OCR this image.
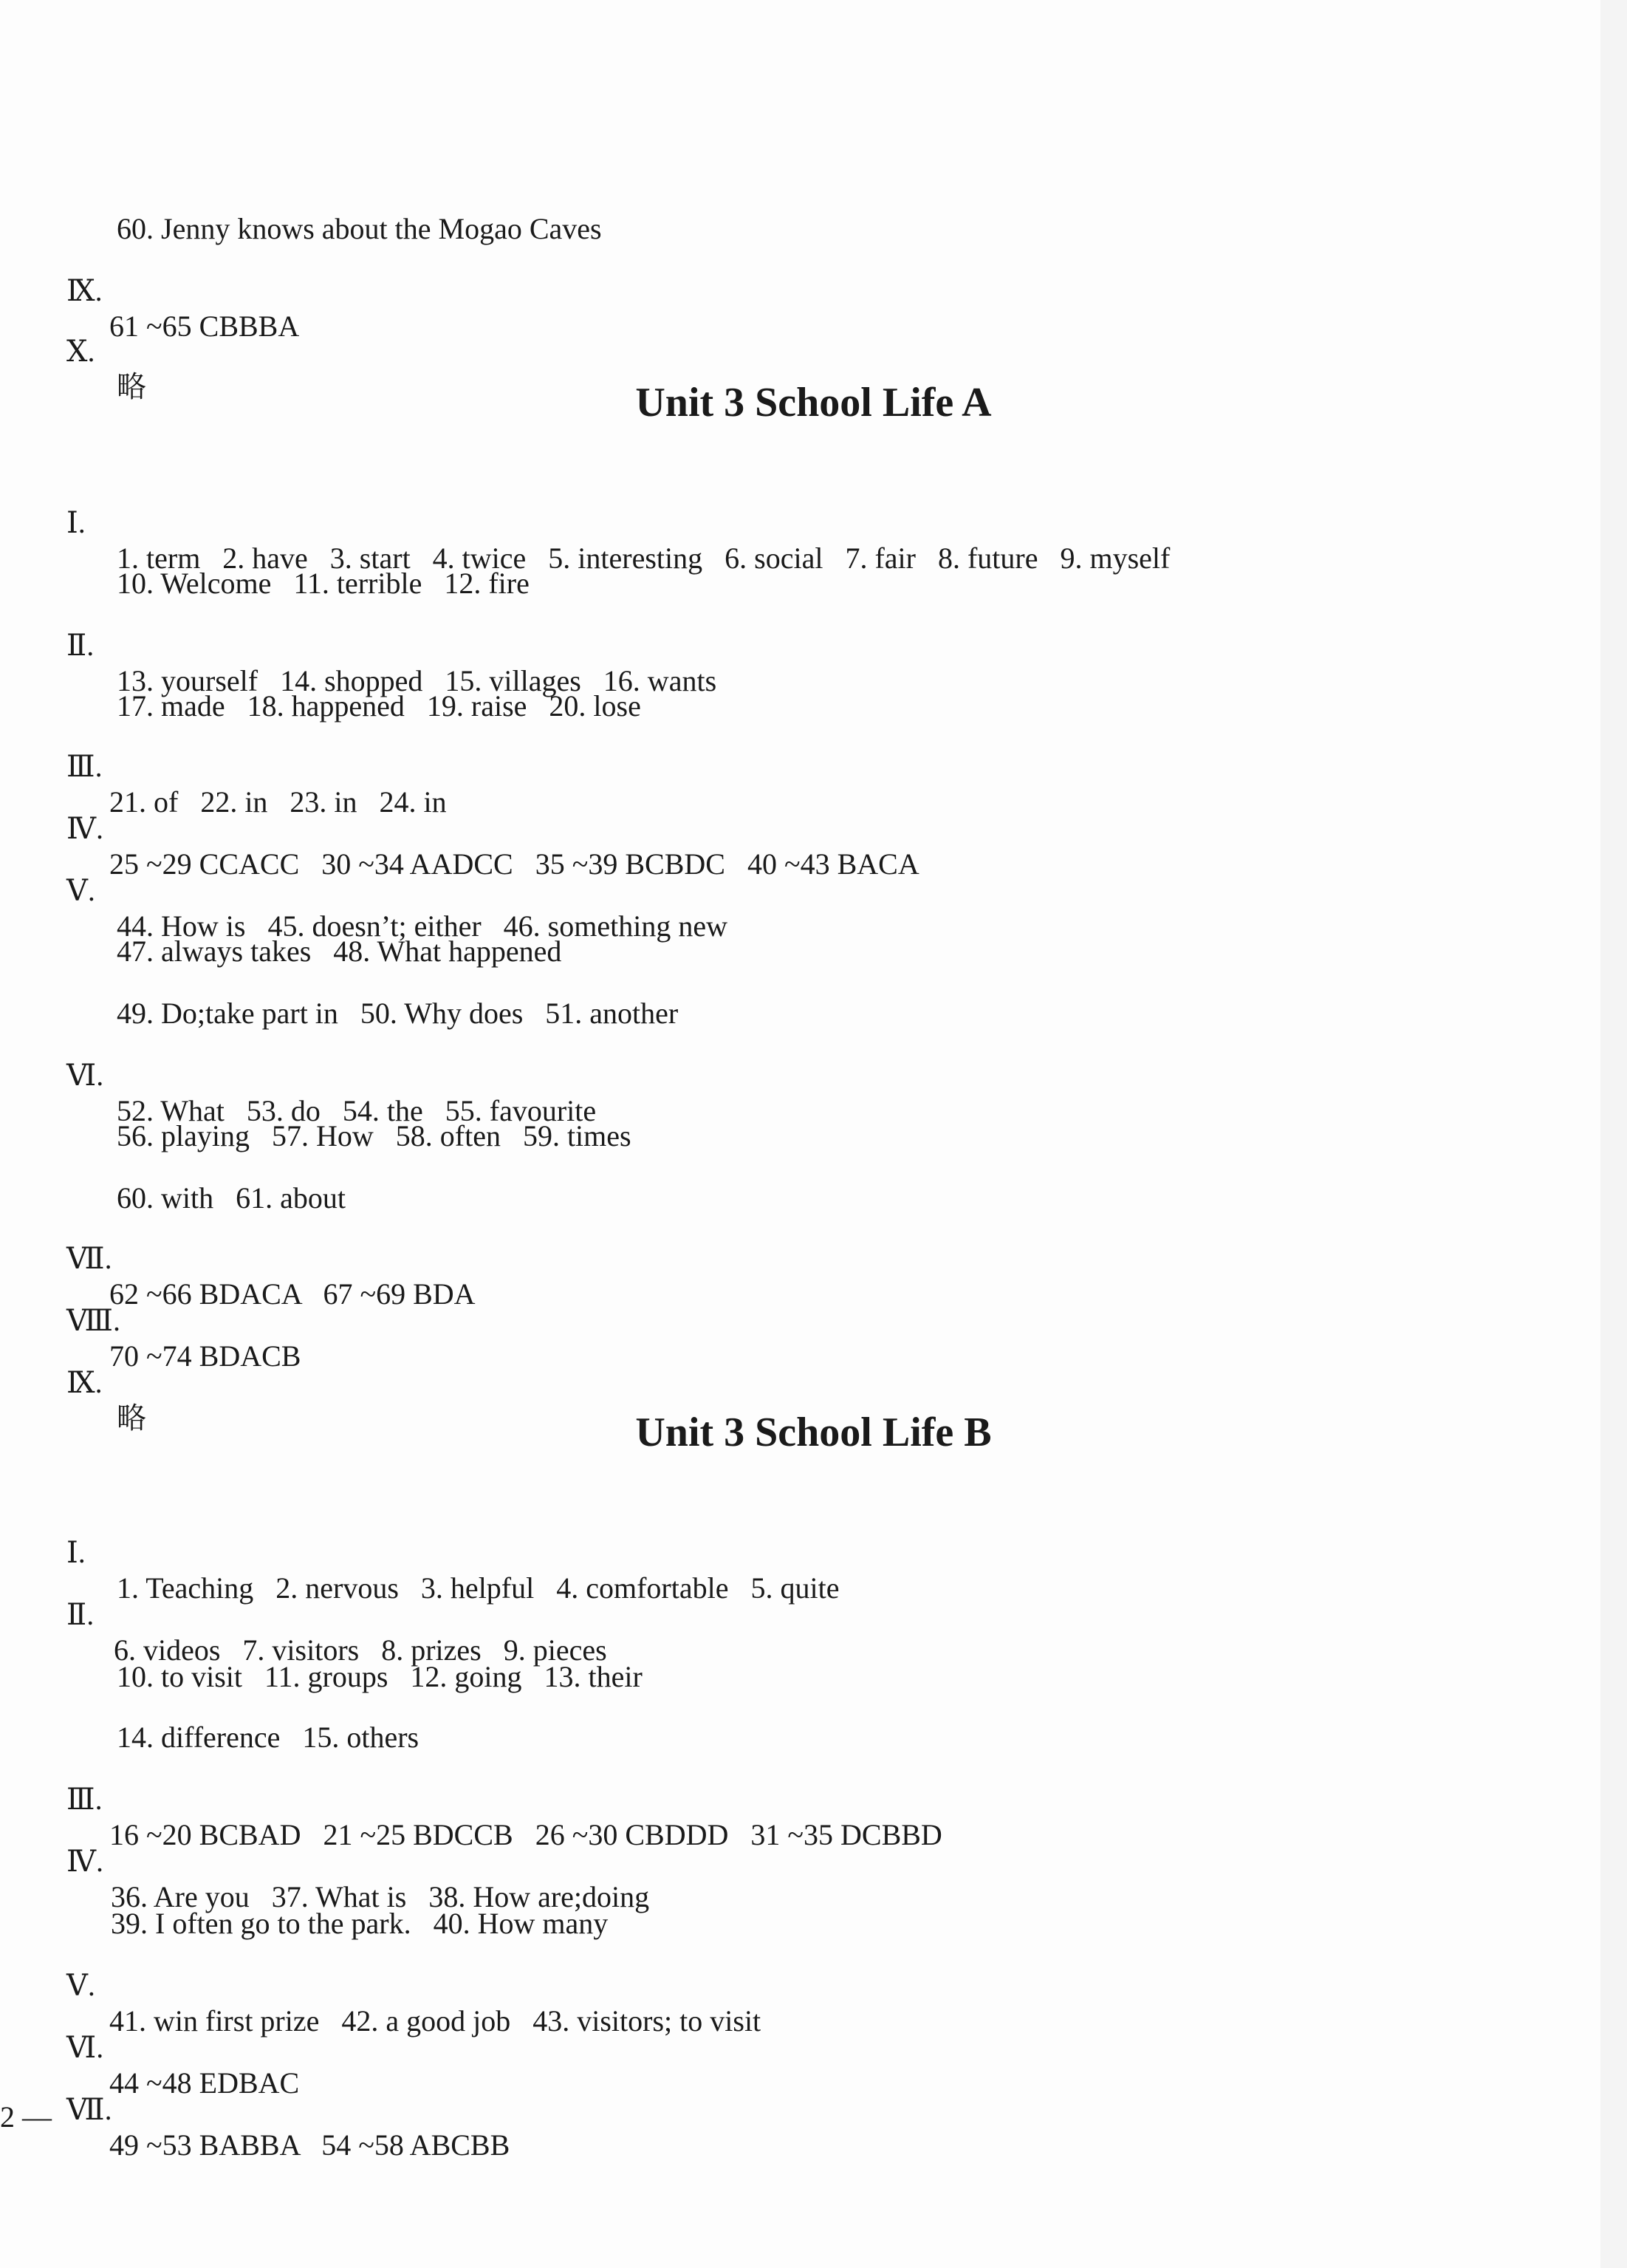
60. Jenny knows about the Mogao Caves

Ⅸ.

61 ~65 CBBBA

Ⅹ.

略	Unit 3 School Life A

Ⅰ.

1. term   2. have   3. start   4. twice   5. interesting   6. social   7. fair   8. future   9. myself

10. Welcome   11. terrible   12. fire

Ⅱ.

13. yourself   14. shopped   15. villages   16. wants

17. made   18. happened   19. raise   20. lose

Ⅲ.

21. of   22. in   23. in   24. in

Ⅳ.

25 ~29 CCACC   30 ~34 AADCC   35 ~39 BCBDC   40 ~43 BACA

Ⅴ.

44. How is   45. doesn’t; either   46. something new

47. always takes   48. What happened

49. Do;take part in   50. Why does   51. another

Ⅵ.

52. What   53. do   54. the   55. favourite

56. playing   57. How   58. often   59. times

60. with   61. about

Ⅶ.

62 ~66 BDACA   67 ~69 BDA

Ⅷ.

70 ~74 BDACB

Ⅸ.

略	Unit 3 School Life B

Ⅰ.

1. Teaching   2. nervous   3. helpful   4. comfortable   5. quite

Ⅱ.

6. videos   7. visitors   8. prizes   9. pieces

10. to visit   11. groups   12. going   13. their

14. difference   15. others

Ⅲ.

16 ~20 BCBAD   21 ~25 BDCCB   26 ~30 CBDDD   31 ~35 DCBBD

Ⅳ.

36. Are you   37. What is   38. How are;doing

39. I often go to the park.   40. How many

Ⅴ.

41. win first prize   42. a good job   43. visitors; to visit

Ⅵ.

44 ~48 EDBAC

Ⅶ.

49 ~53 BABBA   54 ~58 ABCBB

2 —
